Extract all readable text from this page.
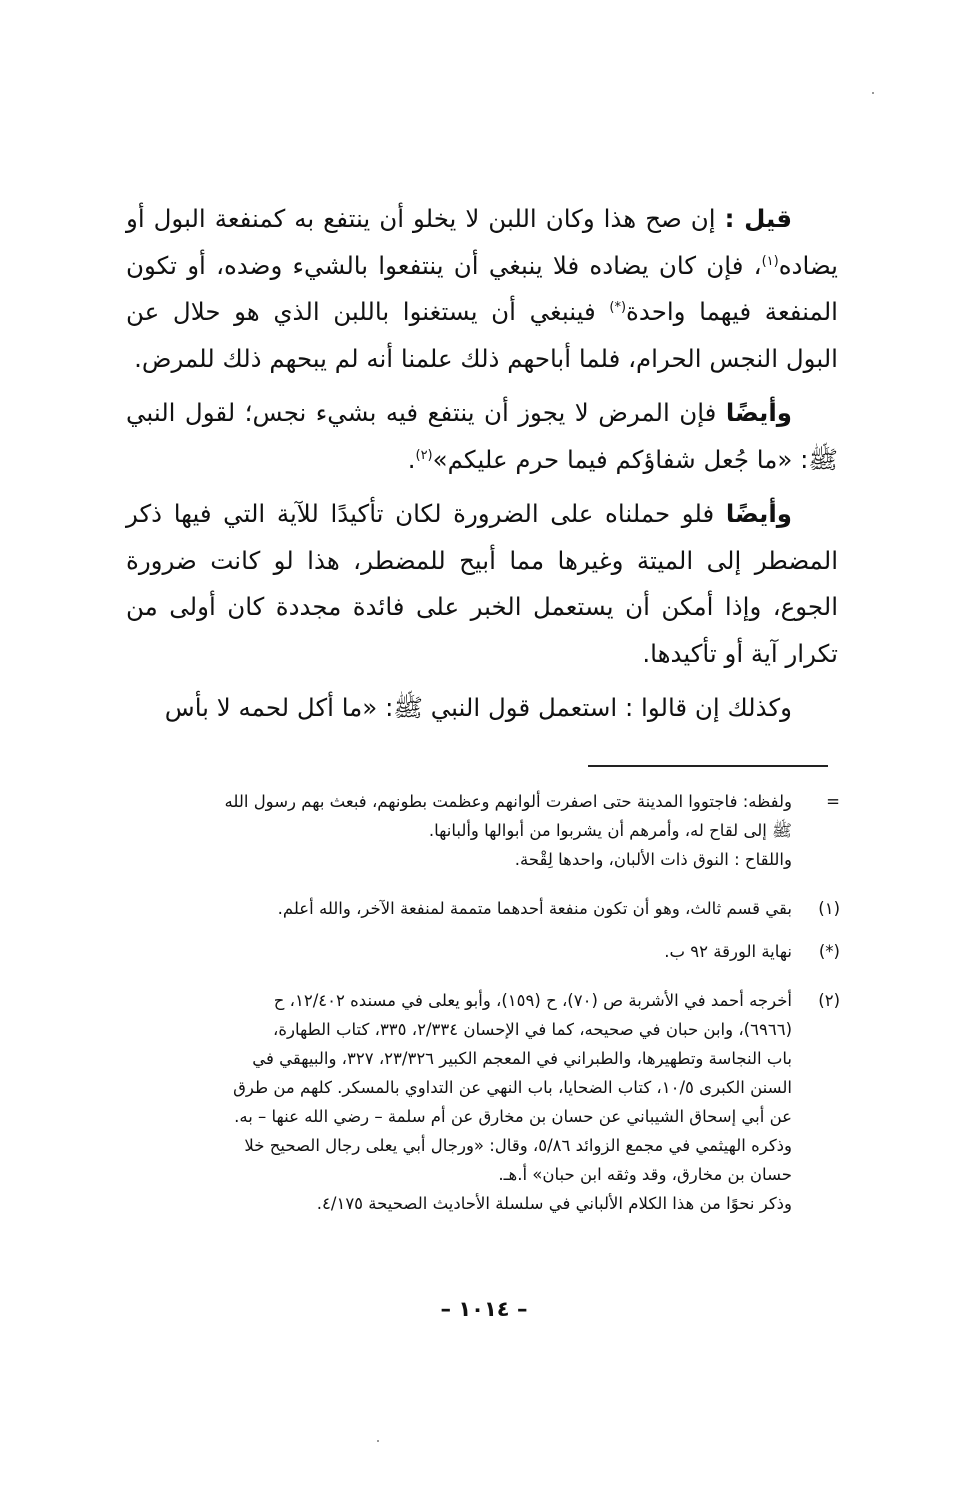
قيل : إن صح هذا وكان اللبن لا يخلو أن ينتفع به كمنفعة البول أو يضاده$^{(١)}$، فإن كان يضاده فلا ينبغي أن ينتفعوا بالشيء وضده، أو تكون المنفعة فيهما واحدة(*) فينبغي أن يستغنوا باللبن الذي هو حلال عن البول النجس الحرام، فلما أباحهم ذلك علمنا أنه لم يبحهم ذلك للمرض.

وأيضًا فإن المرض لا يجوز أن ينتفع فيه بشيء نجس؛ لقول النبي ﷺ: «ما جُعل شفاؤكم فيما حرم عليكم»$^{(٢)}$.

وأيضًا فلو حملناه على الضرورة لكان تأكيدًا للآية التي فيها ذكر المضطر إلى الميتة وغيرها مما أبيح للمضطر، هذا لو كانت ضرورة الجوع، وإذا أمكن أن يستعمل الخبر على فائدة مجددة كان أولى من تكرار آية أو تأكيدها.

وكذلك إن قالوا : استعمل قول النبي ﷺ: «ما أكل لحمه لا بأس

=
ولفظه: فاجتووا المدينة حتى اصفرت ألوانهم وعظمت بطونهم، فبعث بهم رسول الله
ﷺ إلى لقاح له، وأمرهم أن يشربوا من أبوالها وألبانها.
واللقاح : النوق ذات الألبان، واحدها لِقْحة.
(١)
بقي قسم ثالث، وهو أن تكون منفعة أحدهما متممة لمنفعة الآخر، والله أعلم.
(*)
نهاية الورقة ٩٢ ب.
(٢)
أخرجه أحمد في الأشربة ص (٧٠)، ح (١٥٩)، وأبو يعلى في مسنده ١٢/٤٠٢، ح
(٦٩٦٦)، وابن حبان في صحيحه، كما في الإحسان ٢/٣٣٤، ٣٣٥، كتاب الطهارة،
باب النجاسة وتطهيرها، والطبراني في المعجم الكبير ٢٣/٣٢٦، ٣٢٧، والبيهقي في
السنن الكبرى ١٠/٥، كتاب الضحايا، باب النهي عن التداوي بالمسكر. كلهم من طرق
عن أبي إسحاق الشيباني عن حسان بن مخارق عن أم سلمة – رضي الله عنها – به.
وذكره الهيثمي في مجمع الزوائد ٥/٨٦، وقال: «ورجال أبي يعلى رجال الصحيح خلا
حسان بن مخارق، وقد وثقه ابن حبان» أ.هـ.
وذكر نحوًا من هذا الكلام الألباني في سلسلة الأحاديث الصحيحة ٤/١٧٥.
– ١٠١٤ –
